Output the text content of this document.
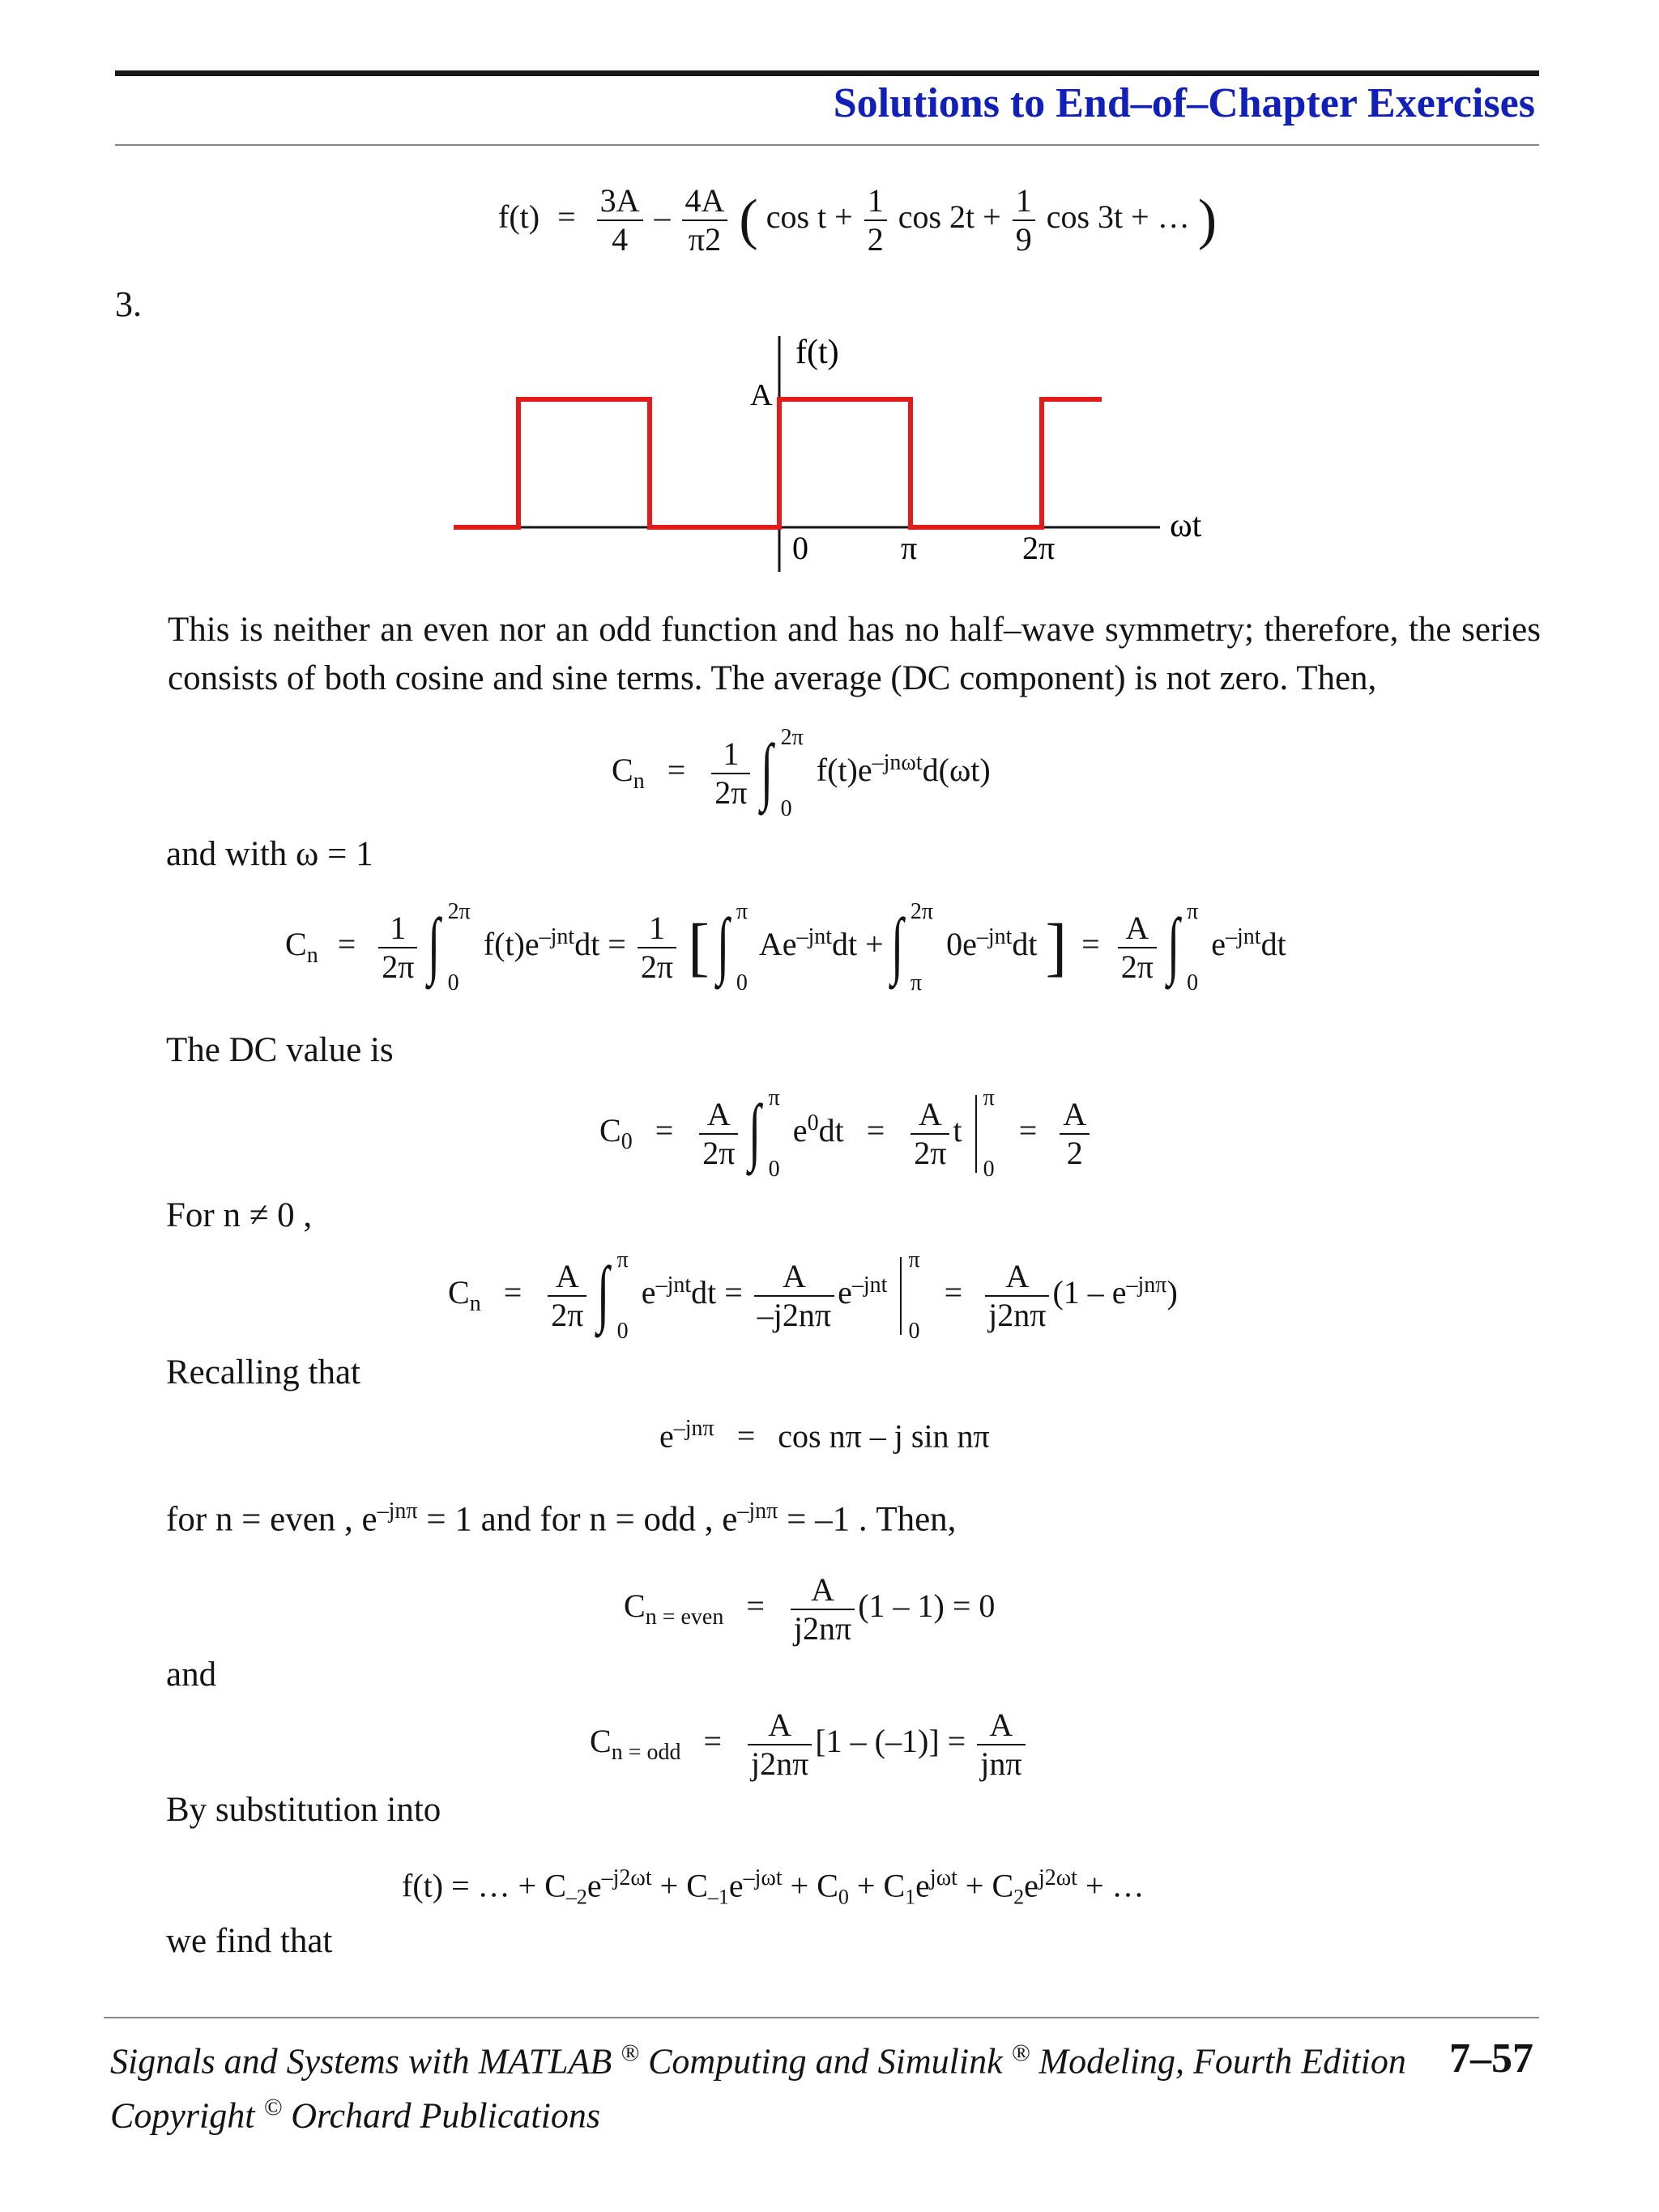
Solutions to End–of–Chapter Exercises
$f(t) = \frac{3A}{4} - \frac{4A}{\pi 2}$ ( $\cos t + \frac{1}{2}$ $\cos 2t + \frac{1}{9}$ cos 3t + … )
3.
f(t)
A
ωt
0	π	2π
This is neither an even nor an odd function and has no half–wave symmetry; therefore, the series consists of both cosine and sine terms. The average (DC component) is not zero. Then,
$C_n = \frac{1}{2\pi}$ ∫ 2π
0
$f(t)e^{-jn\omega t}d(\omega t)$
and with ω = 1
$C_n = \frac{1}{2\pi}$ ∫ 2π
0
$f(t)e^{-jnt}dt = \frac{1}{2\pi}$ [ ∫ π
0
$Ae^{-jnt}dt$ + ∫ 2π
π
$0e^{-jnt}dt$ ] = $\frac{A}{2\pi}$ ∫ π
0
$e^{-jnt}dt$
The DC value is
$C_0 = \frac{A}{2\pi}$ ∫ π
0
$e^0dt = \frac{A}{2\pi}$ t
π
0
= $\frac{A}{2}$
For n ≠ 0 ,
$C_n = \frac{A}{2\pi}$ ∫ π
0
$e^{-jnt}dt = \frac{A}{-j2n\pi} e^{-jnt}$
π
0
= $\frac{A}{j2n\pi} (1 - e^{-jn\pi})$
Recalling that
$e^{-jn\pi} = \cos n\pi - j$ sin nπ
for n = even , $e^{-jn\pi} = 1$ and for n = odd , $e^{-jn\pi} = -1$ . Then,
$C_{n = even} = \frac{A}{j2n\pi} (1 - 1) = 0$
and
$C_{n = odd} = \frac{A}{j2n\pi} [1 - (-1)] = \frac{A}{\text{jnπ}}$
By substitution into
f(t) = … + $C_{-2}e^{-j2\omega t} + C_{-1}e^{-j\omega t} + C_0 + C_1e^{j\omega t} + C_2e^{j2\omega t}$ + …
we find that
Signals and Systems with MATLAB ® Computing and Simulink ® Modeling, Fourth Edition 7–57
Copyright © Orchard Publications
